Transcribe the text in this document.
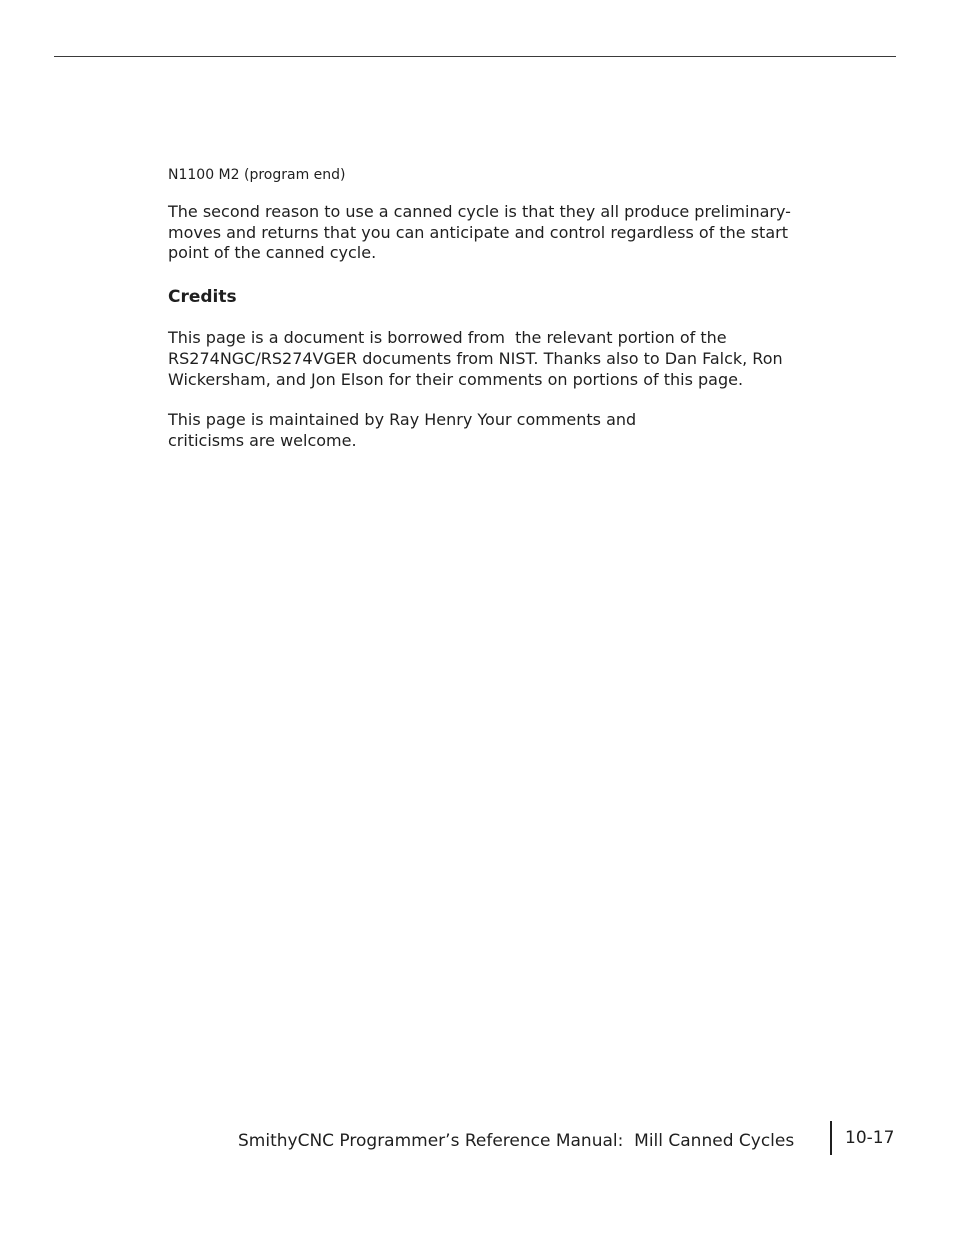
N1100 M2 (program end)

The second reason to use a canned cycle is that they all produce preliminary-
moves and returns that you can anticipate and control regardless of the start
point of the canned cycle.

Credits

This page is a document is borrowed from  the relevant portion of the
RS274NGC/RS274VGER documents from NIST. Thanks also to Dan Falck, Ron
Wickersham, and Jon Elson for their comments on portions of this page.

This page is maintained by Ray Henry Your comments and
criticisms are welcome.

SmithyCNC Programmer’s Reference Manual:  Mill Canned Cycles	10-17
